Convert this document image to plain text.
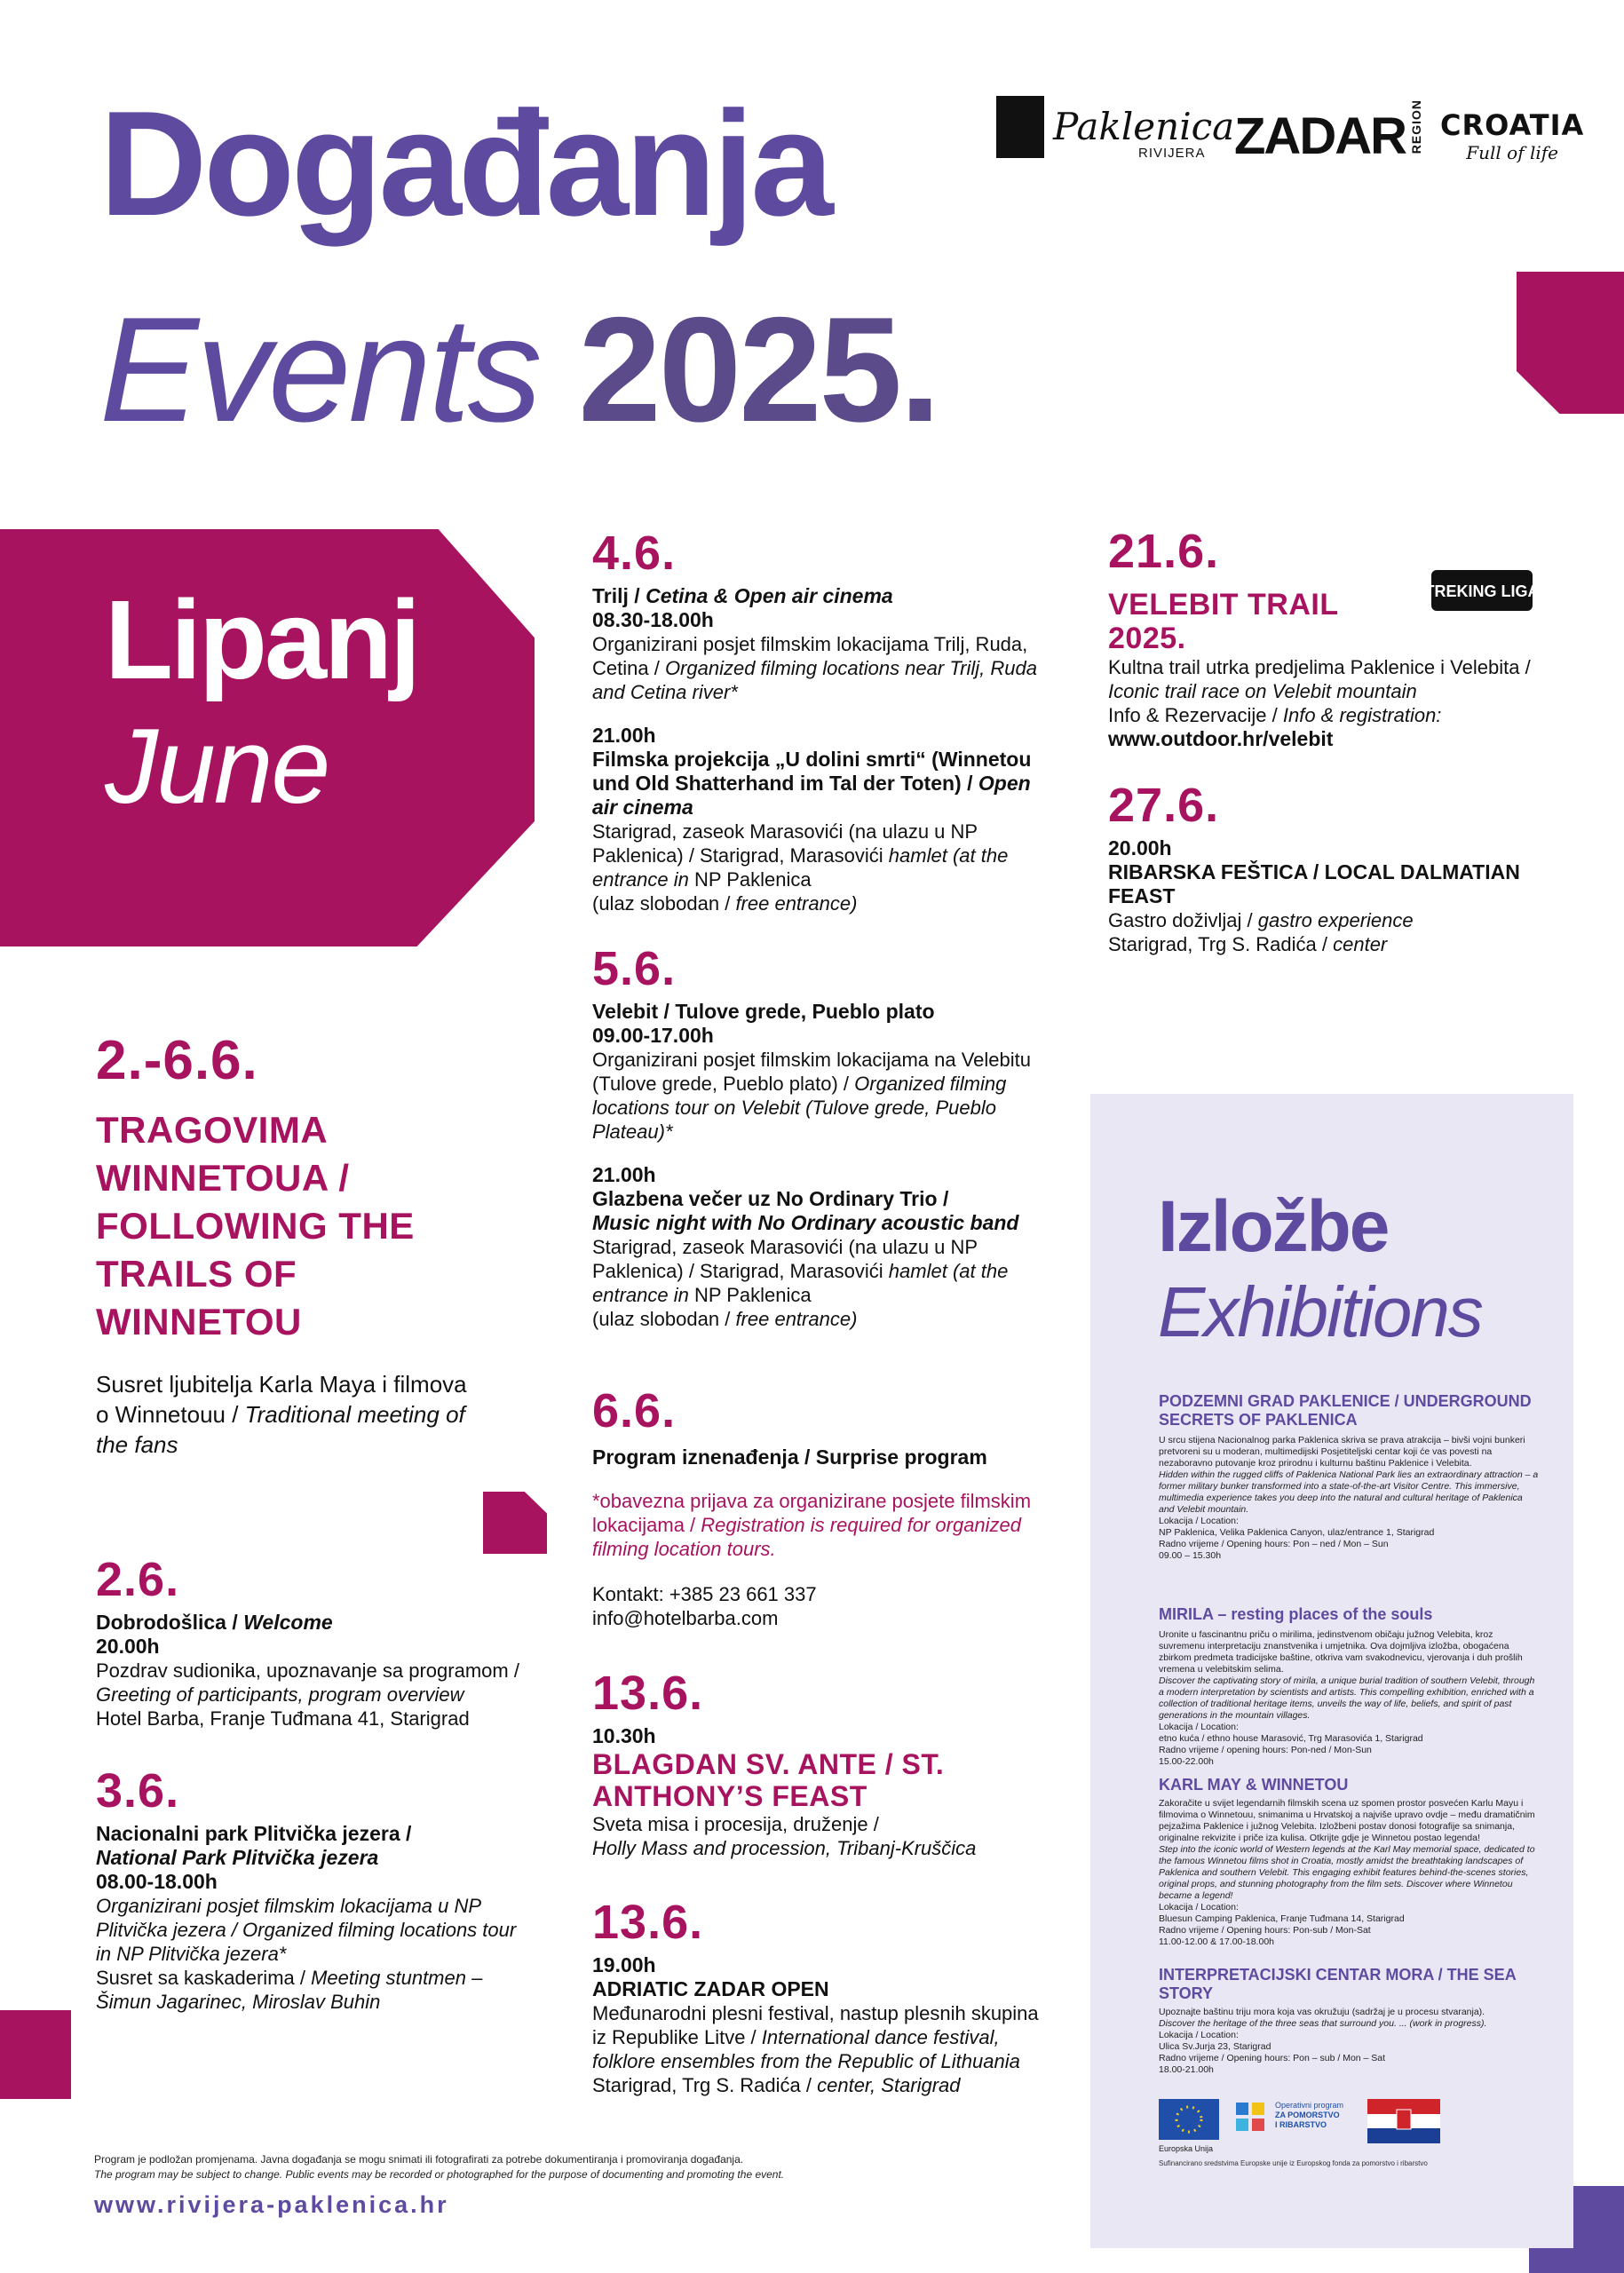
Događanja
Events 2025.
Paklenica
RIVIJERA ZADAR REGION CROATIA
Full of life
Lipanj
June
2.-6.6.
TRAGOVIMA WINNETOUA / FOLLOWING THE TRAILS OF WINNETOU
Susret ljubitelja Karla Maya i filmova o Winnetouu / Traditional meeting of the fans
2.6.
Dobrodošlica / Welcome
20.00h
Pozdrav sudionika, upoznavanje sa programom / Greeting of participants, program overview
Hotel Barba, Franje Tuđmana 41, Starigrad
3.6.
Nacionalni park Plitvička jezera /
National Park Plitvička jezera
08.00-18.00h
Organizirani posjet filmskim lokacijama u NP Plitvička jezera / Organized filming locations tour in NP Plitvička jezera*
Susret sa kaskaderima / Meeting stuntmen –
Šimun Jagarinec, Miroslav Buhin
4.6.
Trilj / Cetina & Open air cinema
08.30-18.00h
Organizirani posjet filmskim lokacijama Trilj, Ruda, Cetina / Organized filming locations near Trilj, Ruda and Cetina river*
21.00h
Filmska projekcija „U dolini smrti“ (Winnetou und Old Shatterhand im Tal der Toten) / Open air cinema
Starigrad, zaseok Marasovići (na ulazu u NP Paklenica) / Starigrad, Marasovići hamlet (at the entrance in NP Paklenica
(ulaz slobodan / free entrance)
5.6.
Velebit / Tulove grede, Pueblo plato
09.00-17.00h
Organizirani posjet filmskim lokacijama na Velebitu (Tulove grede, Pueblo plato) / Organized filming locations tour on Velebit (Tulove grede, Pueblo Plateau)*
21.00h
Glazbena večer uz No Ordinary Trio /
Music night with No Ordinary acoustic band
Starigrad, zaseok Marasovići (na ulazu u NP Paklenica) / Starigrad, Marasovići hamlet (at the entrance in NP Paklenica
(ulaz slobodan / free entrance)
6.6.
Program iznenađenja / Surprise program
*obavezna prijava za organizirane posjete filmskim lokacijama / Registration is required for organized filming location tours.
Kontakt: +385 23 661 337
info@hotelbarba.com
13.6.
10.30h
BLAGDAN SV. ANTE / ST. ANTHONY’S FEAST
Sveta misa i procesija, druženje /
Holly Mass and procession, Tribanj-Kruščica
13.6.
19.00h
ADRIATIC ZADAR OPEN
Međunarodni plesni festival, nastup plesnih skupina iz Republike Litve / International dance festival, folklore ensembles from the Republic of Lithuania
Starigrad, Trg S. Radića / center, Starigrad
TREKING LIGA
21.6.
VELEBIT TRAIL 2025.
Kultna trail utrka predjelima Paklenice i Velebita / Iconic trail race on Velebit mountain
Info & Rezervacije / Info & registration:
www.outdoor.hr/velebit
27.6.
20.00h
RIBARSKA FEŠTICA / LOCAL DALMATIAN FEAST
Gastro doživljaj / gastro experience
Starigrad, Trg S. Radića / center
Izložbe
Exhibitions
PODZEMNI GRAD PAKLENICE / UNDERGROUND SECRETS OF PAKLENICA
U srcu stijena Nacionalnog parka Paklenica skriva se prava atrakcija – bivši vojni bunkeri pretvoreni su u moderan, multimedijski Posjetiteljski centar koji će vas povesti na nezaboravno putovanje kroz prirodnu i kulturnu baštinu Paklenice i Velebita.
Hidden within the rugged cliffs of Paklenica National Park lies an extraordinary attraction – a former military bunker transformed into a state-of-the-art Visitor Centre. This immersive, multimedia experience takes you deep into the natural and cultural heritage of Paklenica and Velebit mountain.
Lokacija / Location:
NP Paklenica, Velika Paklenica Canyon, ulaz/entrance 1, Starigrad
Radno vrijeme / Opening hours: Pon – ned / Mon – Sun
09.00 – 15.30h
MIRILA – resting places of the souls
Uronite u fascinantnu priču o mirilima, jedinstvenom običaju južnog Velebita, kroz suvremenu interpretaciju znanstvenika i umjetnika. Ova dojmljiva izložba, obogaćena zbirkom predmeta tradicijske baštine, otkriva vam svakodnevicu, vjerovanja i duh prošlih vremena u velebitskim selima.
Discover the captivating story of mirila, a unique burial tradition of southern Velebit, through a modern interpretation by scientists and artists. This compelling exhibition, enriched with a collection of traditional heritage items, unveils the way of life, beliefs, and spirit of past generations in the mountain villages.
Lokacija / Location:
etno kuća / ethno house Marasović, Trg Marasovića 1, Starigrad
Radno vrijeme / opening hours: Pon-ned / Mon-Sun
15.00-22.00h
KARL MAY & WINNETOU
Zakoračite u svijet legendarnih filmskih scena uz spomen prostor posvećen Karlu Mayu i filmovima o Winnetouu, snimanima u Hrvatskoj a najviše upravo ovdje – među dramatičnim pejzažima Paklenice i južnog Velebita. Izložbeni postav donosi fotografije sa snimanja, originalne rekvizite i priče iza kulisa. Otkrijte gdje je Winnetou postao legenda!
Step into the iconic world of Western legends at the Karl May memorial space, dedicated to the famous Winnetou films shot in Croatia, mostly amidst the breathtaking landscapes of Paklenica and southern Velebit. This engaging exhibit features behind-the-scenes stories, original props, and stunning photography from the film sets. Discover where Winnetou became a legend!
Lokacija / Location:
Bluesun Camping Paklenica, Franje Tuđmana 14, Starigrad
Radno vrijeme / Opening hours: Pon-sub / Mon-Sat
11.00-12.00 & 17.00-18.00h
INTERPRETACIJSKI CENTAR MORA / THE SEA STORY
Upoznajte baštinu triju mora koja vas okružuju (sadržaj je u procesu stvaranja).
Discover the heritage of the three seas that surround you. ... (work in progress).
Lokacija / Location:
Ulica Sv.Jurja 23, Starigrad
Radno vrijeme / Opening hours: Pon – sub / Mon – Sat
18.00-21.00h
Europska Unija
Operativni program
ZA POMORSTVO
I RIBARSTVO
Sufinancirano sredstvima Europske unije iz Europskog fonda za pomorstvo i ribarstvo
Program je podložan promjenama. Javna događanja se mogu snimati ili fotografirati za potrebe dokumentiranja i promoviranja događanja.
The program may be subject to change. Public events may be recorded or photographed for the purpose of documenting and promoting the event.
www.rivijera-paklenica.hr
